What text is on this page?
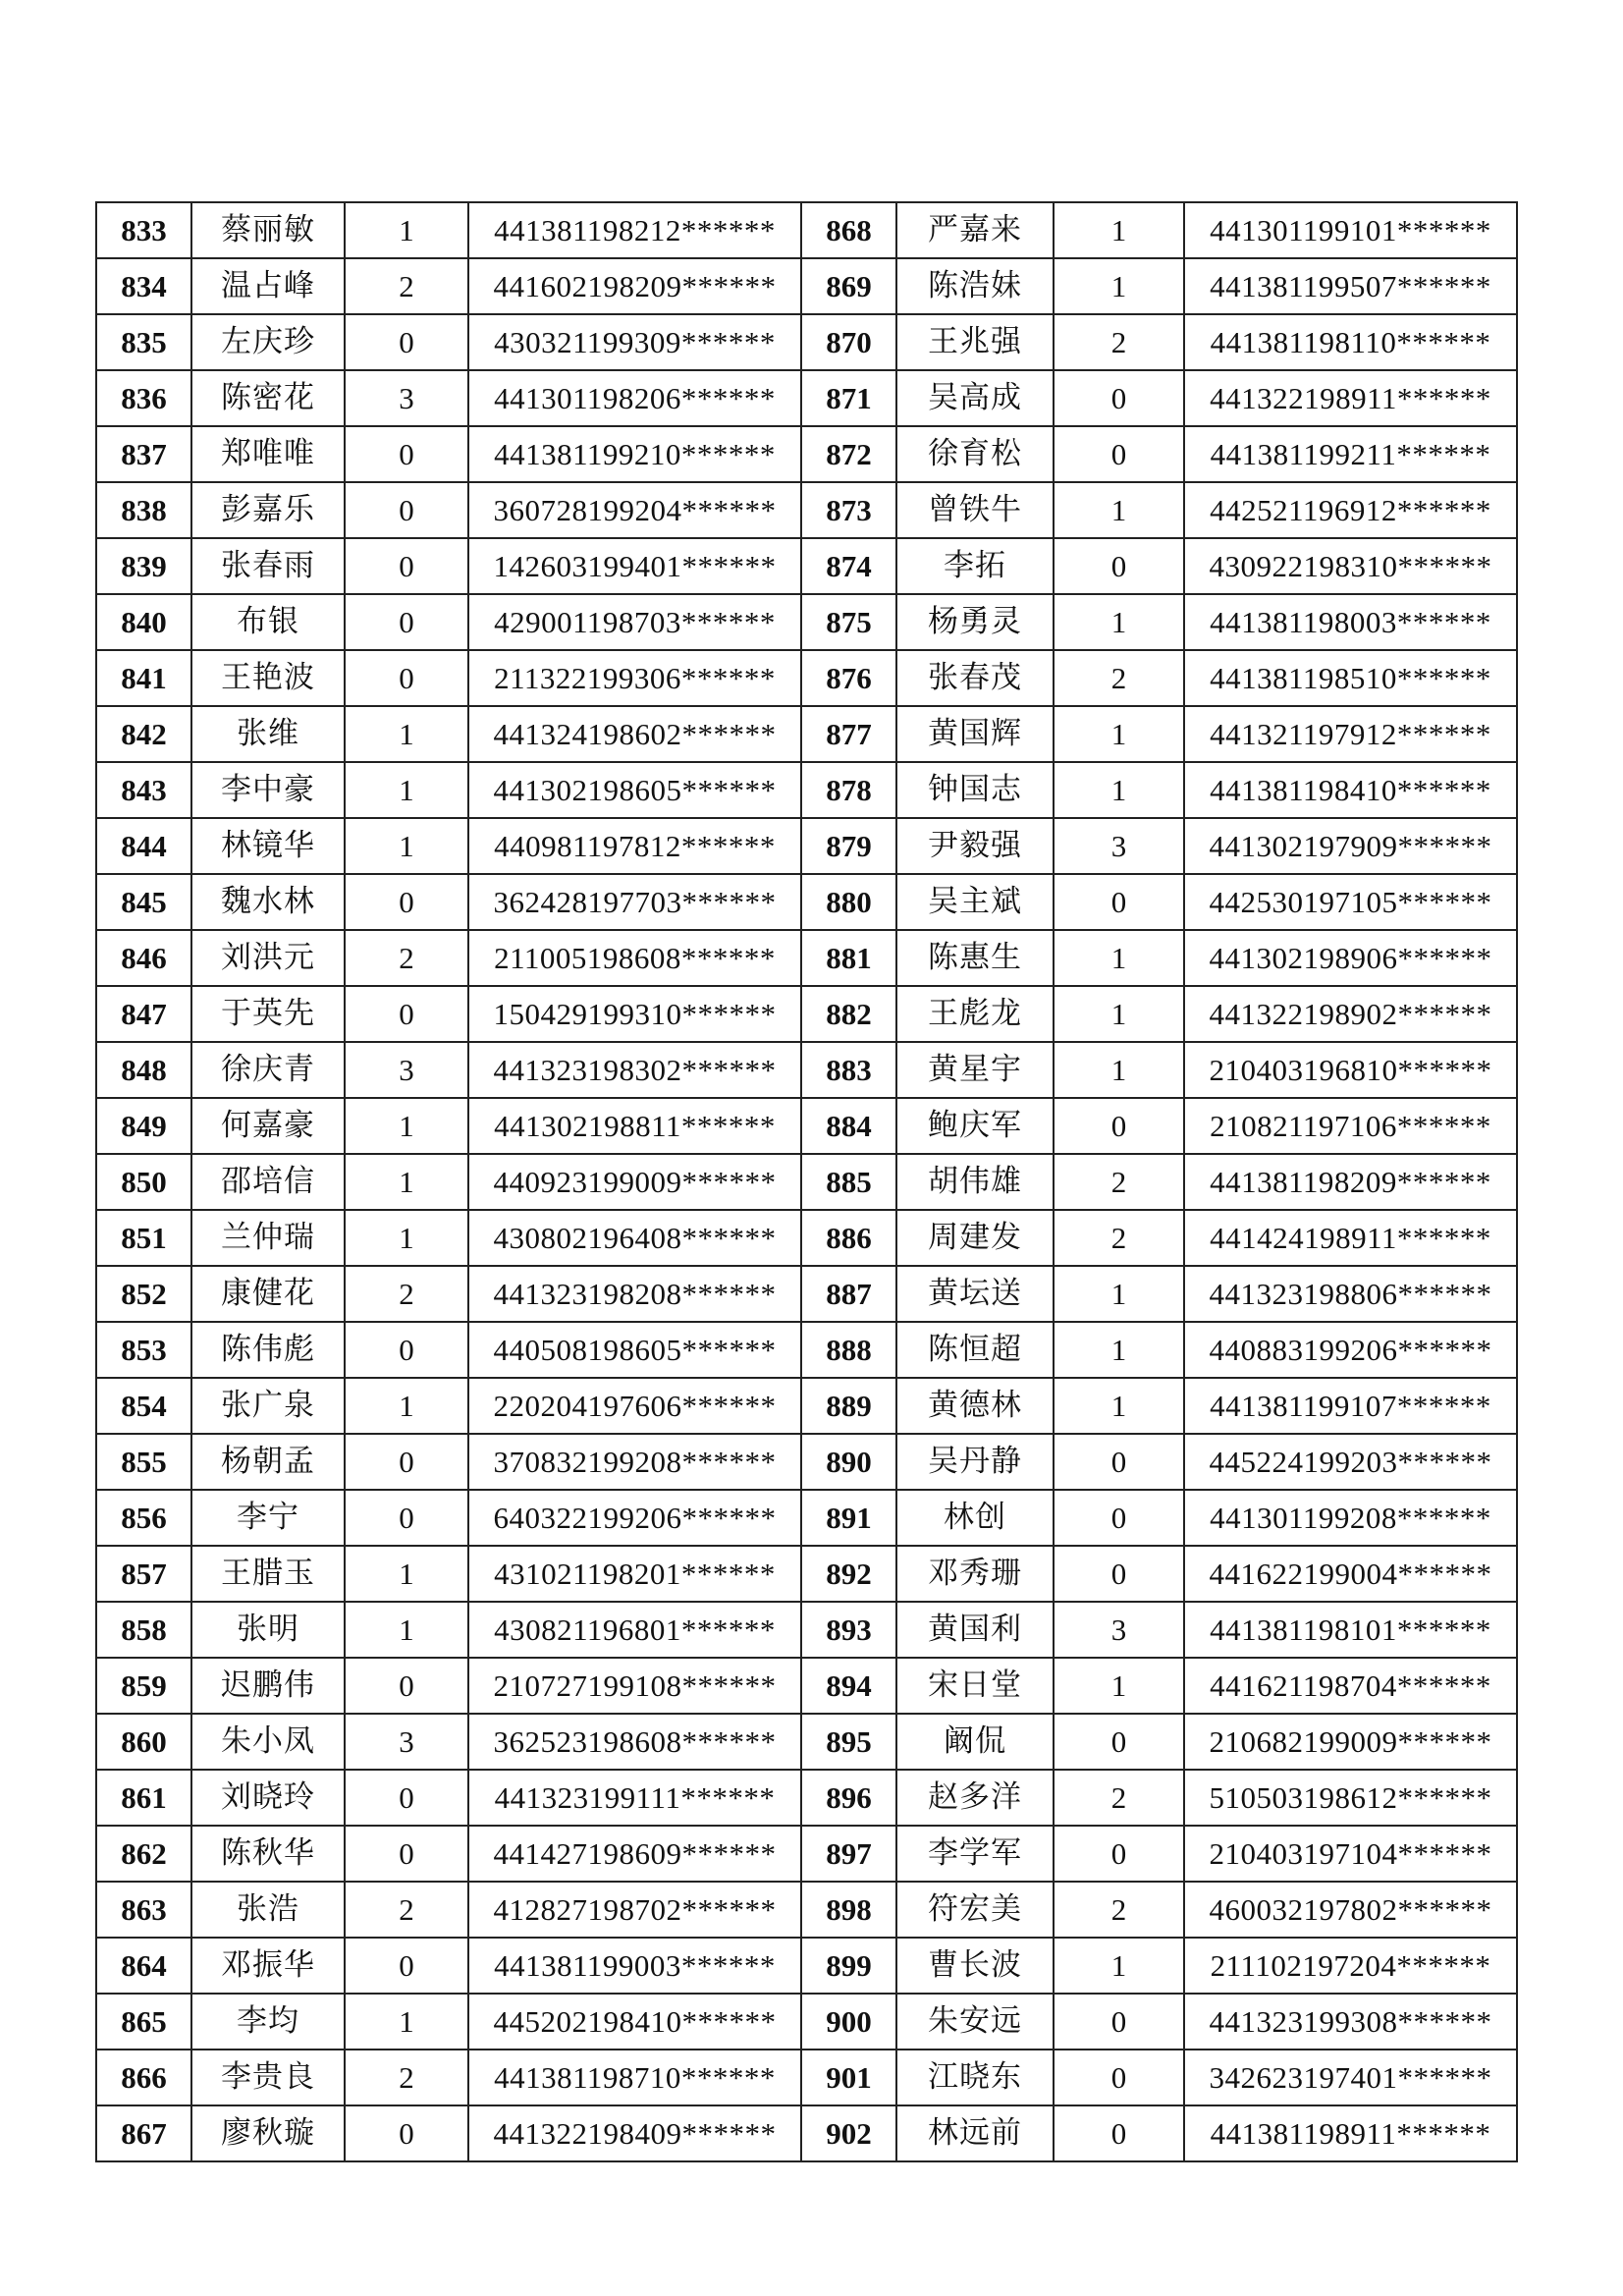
833	蔡丽敏	1	441381198212******	868	严嘉来	1	441301199101******
834	温占峰	2	441602198209******	869	陈浩妹	1	441381199507******
835	左庆珍	0	430321199309******	870	王兆强	2	441381198110******
836	陈密花	3	441301198206******	871	吴高成	0	441322198911******
837	郑唯唯	0	441381199210******	872	徐育松	0	441381199211******
838	彭嘉乐	0	360728199204******	873	曾铁牛	1	442521196912******
839	张春雨	0	142603199401******	874	李拓	0	430922198310******
840	布银	0	429001198703******	875	杨勇灵	1	441381198003******
841	王艳波	0	211322199306******	876	张春茂	2	441381198510******
842	张维	1	441324198602******	877	黄国辉	1	441321197912******
843	李中豪	1	441302198605******	878	钟国志	1	441381198410******
844	林镜华	1	440981197812******	879	尹毅强	3	441302197909******
845	魏水林	0	362428197703******	880	吴主斌	0	442530197105******
846	刘洪元	2	211005198608******	881	陈惠生	1	441302198906******
847	于英先	0	150429199310******	882	王彪龙	1	441322198902******
848	徐庆青	3	441323198302******	883	黄星宇	1	210403196810******
849	何嘉豪	1	441302198811******	884	鲍庆军	0	210821197106******
850	邵培信	1	440923199009******	885	胡伟雄	2	441381198209******
851	兰仲瑞	1	430802196408******	886	周建发	2	441424198911******
852	康健花	2	441323198208******	887	黄坛送	1	441323198806******
853	陈伟彪	0	440508198605******	888	陈恒超	1	440883199206******
854	张广泉	1	220204197606******	889	黄德林	1	441381199107******
855	杨朝孟	0	370832199208******	890	吴丹静	0	445224199203******
856	李宁	0	640322199206******	891	林创	0	441301199208******
857	王腊玉	1	431021198201******	892	邓秀珊	0	441622199004******
858	张明	1	430821196801******	893	黄国利	3	441381198101******
859	迟鹏伟	0	210727199108******	894	宋日堂	1	441621198704******
860	朱小凤	3	362523198608******	895	阚侃	0	210682199009******
861	刘晓玲	0	441323199111******	896	赵多洋	2	510503198612******
862	陈秋华	0	441427198609******	897	李学军	0	210403197104******
863	张浩	2	412827198702******	898	符宏美	2	460032197802******
864	邓振华	0	441381199003******	899	曹长波	1	211102197204******
865	李均	1	445202198410******	900	朱安远	0	441323199308******
866	李贵良	2	441381198710******	901	江晓东	0	342623197401******
867	廖秋璇	0	441322198409******	902	林远前	0	441381198911******
